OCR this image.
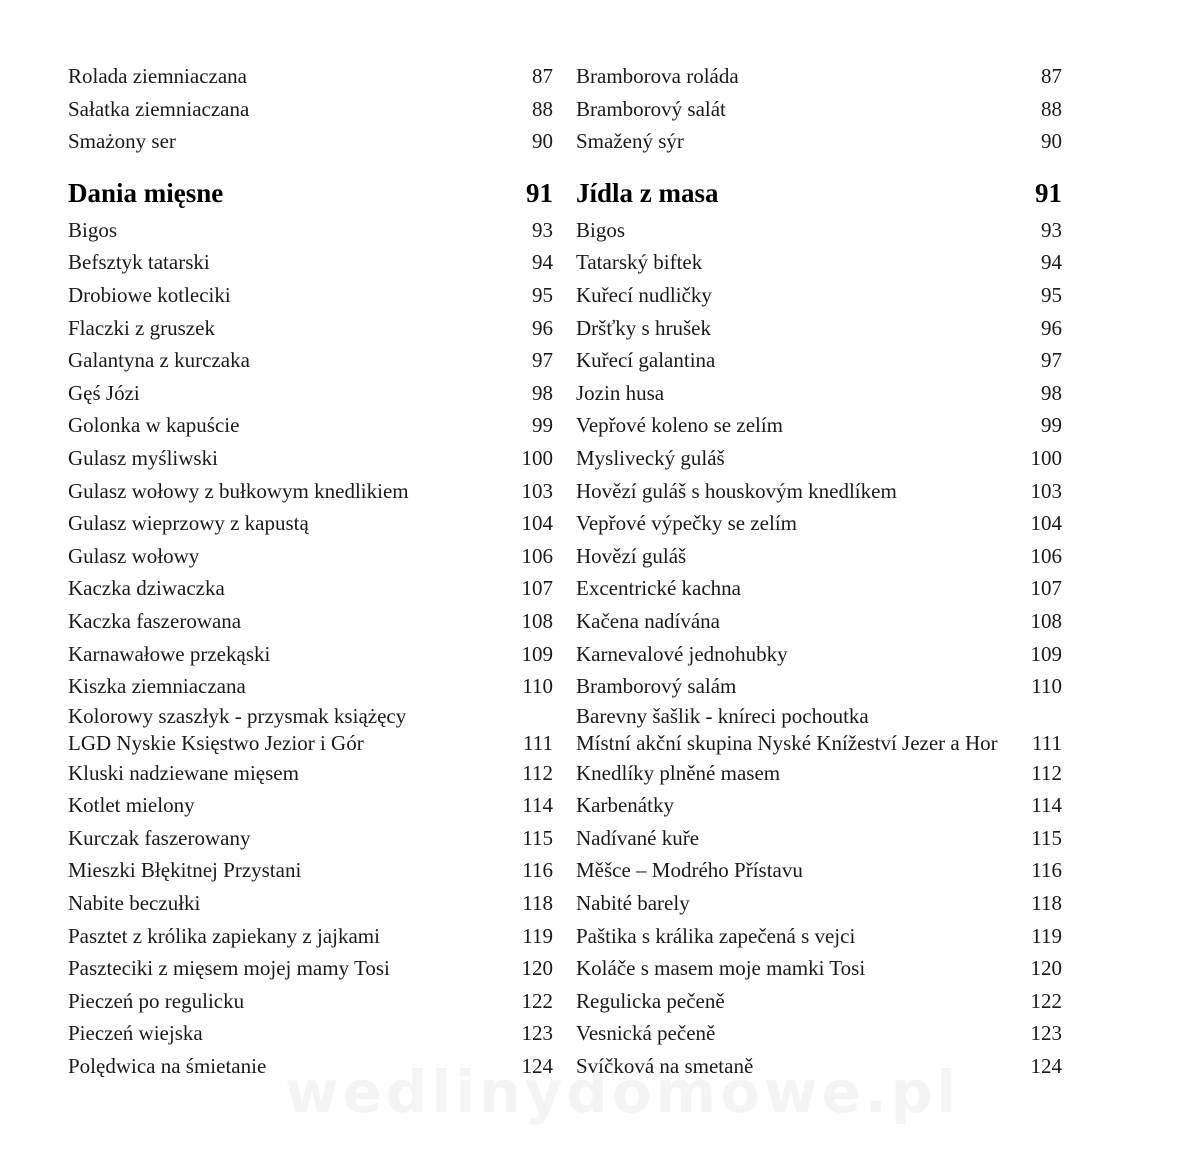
Rolada ziemniaczana	87
Sałatka ziemniaczana	88
Smażony ser	90
Dania mięsne	91
Bigos	93
Befsztyk tatarski	94
Drobiowe kotleciki	95
Flaczki z gruszek	96
Galantyna z kurczaka	97
Gęś Józi	98
Golonka w kapuście	99
Gulasz myśliwski	100
Gulasz wołowy z bułkowym knedlikiem	103
Gulasz wieprzowy z kapustą	104
Gulasz wołowy	106
Kaczka dziwaczka	107
Kaczka faszerowana	108
Karnawałowe przekąski	109
Kiszka ziemniaczana	110
Kolorowy szaszłyk - przysmak książęcy
LGD Nyskie Księstwo Jezior i Gór	111
Kluski nadziewane mięsem	112
Kotlet mielony	114
Kurczak faszerowany	115
Mieszki Błękitnej Przystani	116
Nabite beczułki	118
Pasztet z królika zapiekany z jajkami	119
Paszteciki z mięsem mojej mamy Tosi	120
Pieczeń po regulicku	122
Pieczeń wiejska	123
Polędwica na śmietanie	124
Bramborova roláda	87
Bramborový salát	88
Smažený sýr	90
Jídla z masa	91
Bigos	93
Tatarský biftek	94
Kuřecí nudličky	95
Dršťky s hrušek	96
Kuřecí galantina	97
Jozin husa	98
Vepřové koleno se zelím	99
Myslivecký guláš	100
Hovězí guláš s houskovým knedlíkem	103
Vepřové výpečky se zelím	104
Hovězí guláš	106
Excentrické kachna	107
Kačena nadívána	108
Karnevalové jednohubky	109
Bramborový salám	110
Barevny šašlik - kníreci pochoutka
Místní akční skupina Nyské Knížeství Jezer a Hor	111
Knedlíky plněné masem	112
Karbenátky	114
Nadívané kuře	115
Měšce – Modrého Přístavu	116
Nabité barely	118
Paštika s králika zapečená s vejci	119
Koláče s masem moje mamki Tosi	120
Regulicka pečeně	122
Vesnická pečeně	123
Svíčková na smetaně	124
